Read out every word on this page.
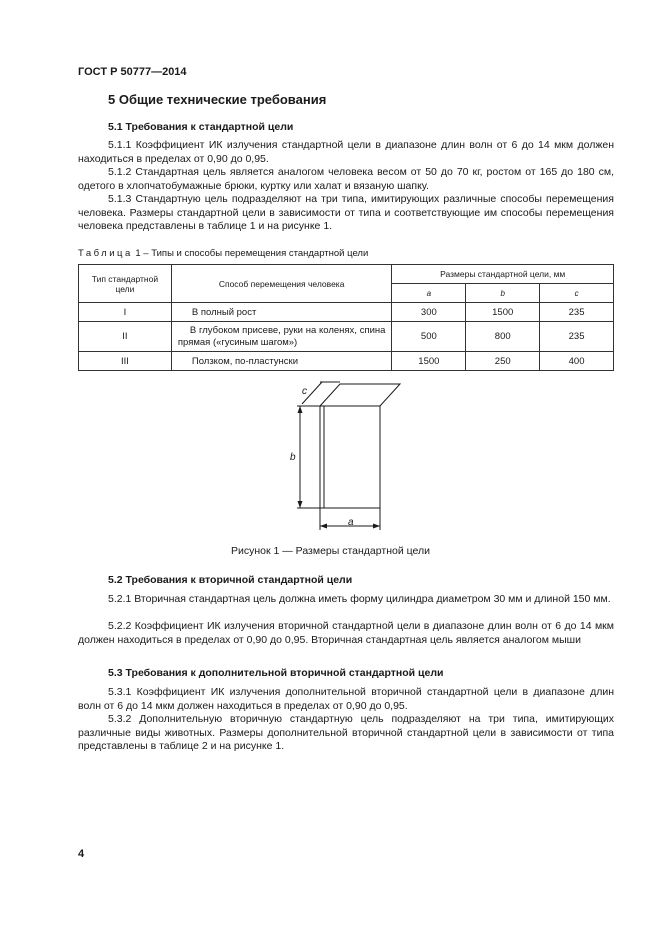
ГОСТ Р 50777—2014
5 Общие технические требования
5.1 Требования к стандартной цели

5.1.1 Коэффициент ИК излучения стандартной цели в диапазоне длин волн от 6 до 14 мкм должен находиться в пределах от 0,90 до 0,95.

5.1.2 Стандартная цель является аналогом человека весом от 50 до 70 кг, ростом от 165 до 180 см, одетого в хлопчатобумажные брюки, куртку или халат и вязаную шапку.

5.1.3 Стандартную цель подразделяют на три типа, имитирующих различные способы перемещения человека. Размеры стандартной цели в зависимости от типа и соответствующие им способы перемещения человека представлены в таблице 1 и на рисунке 1.

Таблица 1 – Типы и способы перемещения стандартной цели
Тип стандартной цели	Способ перемещения человека	Размеры стандартной цели, мм		
		a	b	c
I	В полный рост	300	1500	235
II	В глубоком присеве, руки на коленях, спина прямая («гусиным шагом»)	500	800	235
III	Ползком, по-пластунски	1500	250	400
b
a
c
Рисунок 1 — Размеры стандартной цели
5.2 Требования к вторичной стандартной цели

5.2.1 Вторичная стандартная цель должна иметь форму цилиндра диаметром 30 мм и длиной 150 мм.

5.2.2 Коэффициент ИК излучения вторичной стандартной цели в диапазоне длин волн от 6 до 14 мкм должен находиться в пределах от 0,90 до 0,95. Вторичная стандартная цель является аналогом мыши

5.3 Требования к дополнительной вторичной стандартной цели

5.3.1 Коэффициент ИК излучения дополнительной вторичной стандартной цели в диапазоне длин волн от 6 до 14 мкм должен находиться в пределах от 0,90 до 0,95.

5.3.2 Дополнительную вторичную стандартную цель подразделяют на три типа, имитирующих различные виды животных. Размеры дополнительной вторичной стандартной цели в зависимости от типа представлены в таблице 2 и на рисунке 1.

4
